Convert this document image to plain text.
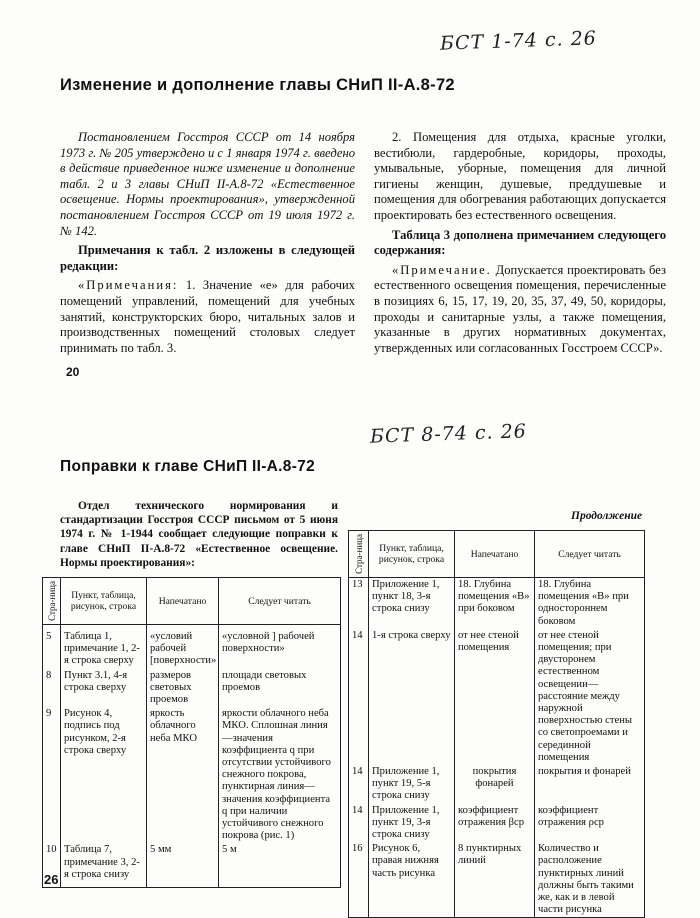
БСТ 1-74 с. 26
БСТ 8-74 с. 26
Изменение и дополнение главы СНиП II-А.8-72

Постановлением Госстроя СССР от 14 ноября 1973 г. № 205 утверждено и с 1 января 1974 г. введено в действие приведенное ниже изменение и дополнение табл. 2 и 3 главы СНиП II-А.8-72 «Естественное освещение. Нормы проектирования», утвержденной постановлением Госстроя СССР от 19 июля 1972 г. № 142.

Примечания к табл. 2 изложены в следующей редакции:

«Примечания: 1. Значение «е» для рабочих помещений управлений, помещений для учебных занятий, конструкторских бюро, читальных залов и производственных помещений столовых следует принимать по табл. 3.

20

2. Помещения для отдыха, красные уголки, вестибюли, гардеробные, коридоры, проходы, умывальные, уборные, помещения для личной гигиены женщин, душевые, преддушевые и помещения для обогревания работающих допускается проектировать без естественного освещения.

Таблица 3 дополнена примечанием следующего содержания:

«Примечание. Допускается проектировать без естественного освещения помещения, перечисленные в позициях 6, 15, 17, 19, 20, 35, 37, 49, 50, коридоры, проходы и санитарные узлы, а также помещения, указанные в других нормативных документах, утвержденных или согласованных Госстроем СССР».

Поправки к главе СНиП II-А.8-72

Отдел технического нормирования и стандартизации Госстроя СССР письмом от 5 июня 1974 г. № 1-1944 сообщает следующие поправки к главе СНиП II-А.8-72 «Естественное освещение. Нормы проектирования»:

Продолжение
Стра-ница	Пункт, таблица, рисунок, строка	Напечатано	Следует читать
5	Таблица 1, примечание 1, 2-я строка сверху	«условий рабочей [поверхности»	«условной ] рабочей поверхности»
8	Пункт 3.1, 4-я строка сверху	размеров световых проемов	площади световых проемов
9	Рисунок 4, подпись под рисунком, 2-я строка сверху	яркость облачного неба МКО	яркости облачного неба МКО. Сплошная линия—значения коэффициента q при отсутствии устойчивого снежного покрова, пунктирная линия—значения коэффициента q при наличии устойчивого снежного покрова (рис. 1)
10	Таблица 7, примечание 3, 2-я строка снизу	5 мм	5 м
Стра-ница	Пункт, таблица, рисунок, строка	Напечатано	Следует читать
13	Приложение 1, пункт 18, 3-я строка снизу	18. Глубина помещения «В» при боковом	18. Глубина помещения «В» при одностороннем боковом
14	1-я строка сверху	от нее стеной помещения	от нее стеной помещения; при двусторонем естественном освещении—расстояние между наружной поверхностью стены со светопроемами и серединной помещения
14	Приложение 1, пункт 19, 5-я строка снизу	покрытия фонарей	покрытия и фонарей
14	Приложение 1, пункт 19, 3-я строка снизу	коэффициент отражения βср	коэффициент отражения ρср
16	Рисунок 6, правая нижняя часть рисунка	8 пунктирных линий	Количество и расположение пунктирных линий должны быть такими же, как и в левой части рисунка
26
